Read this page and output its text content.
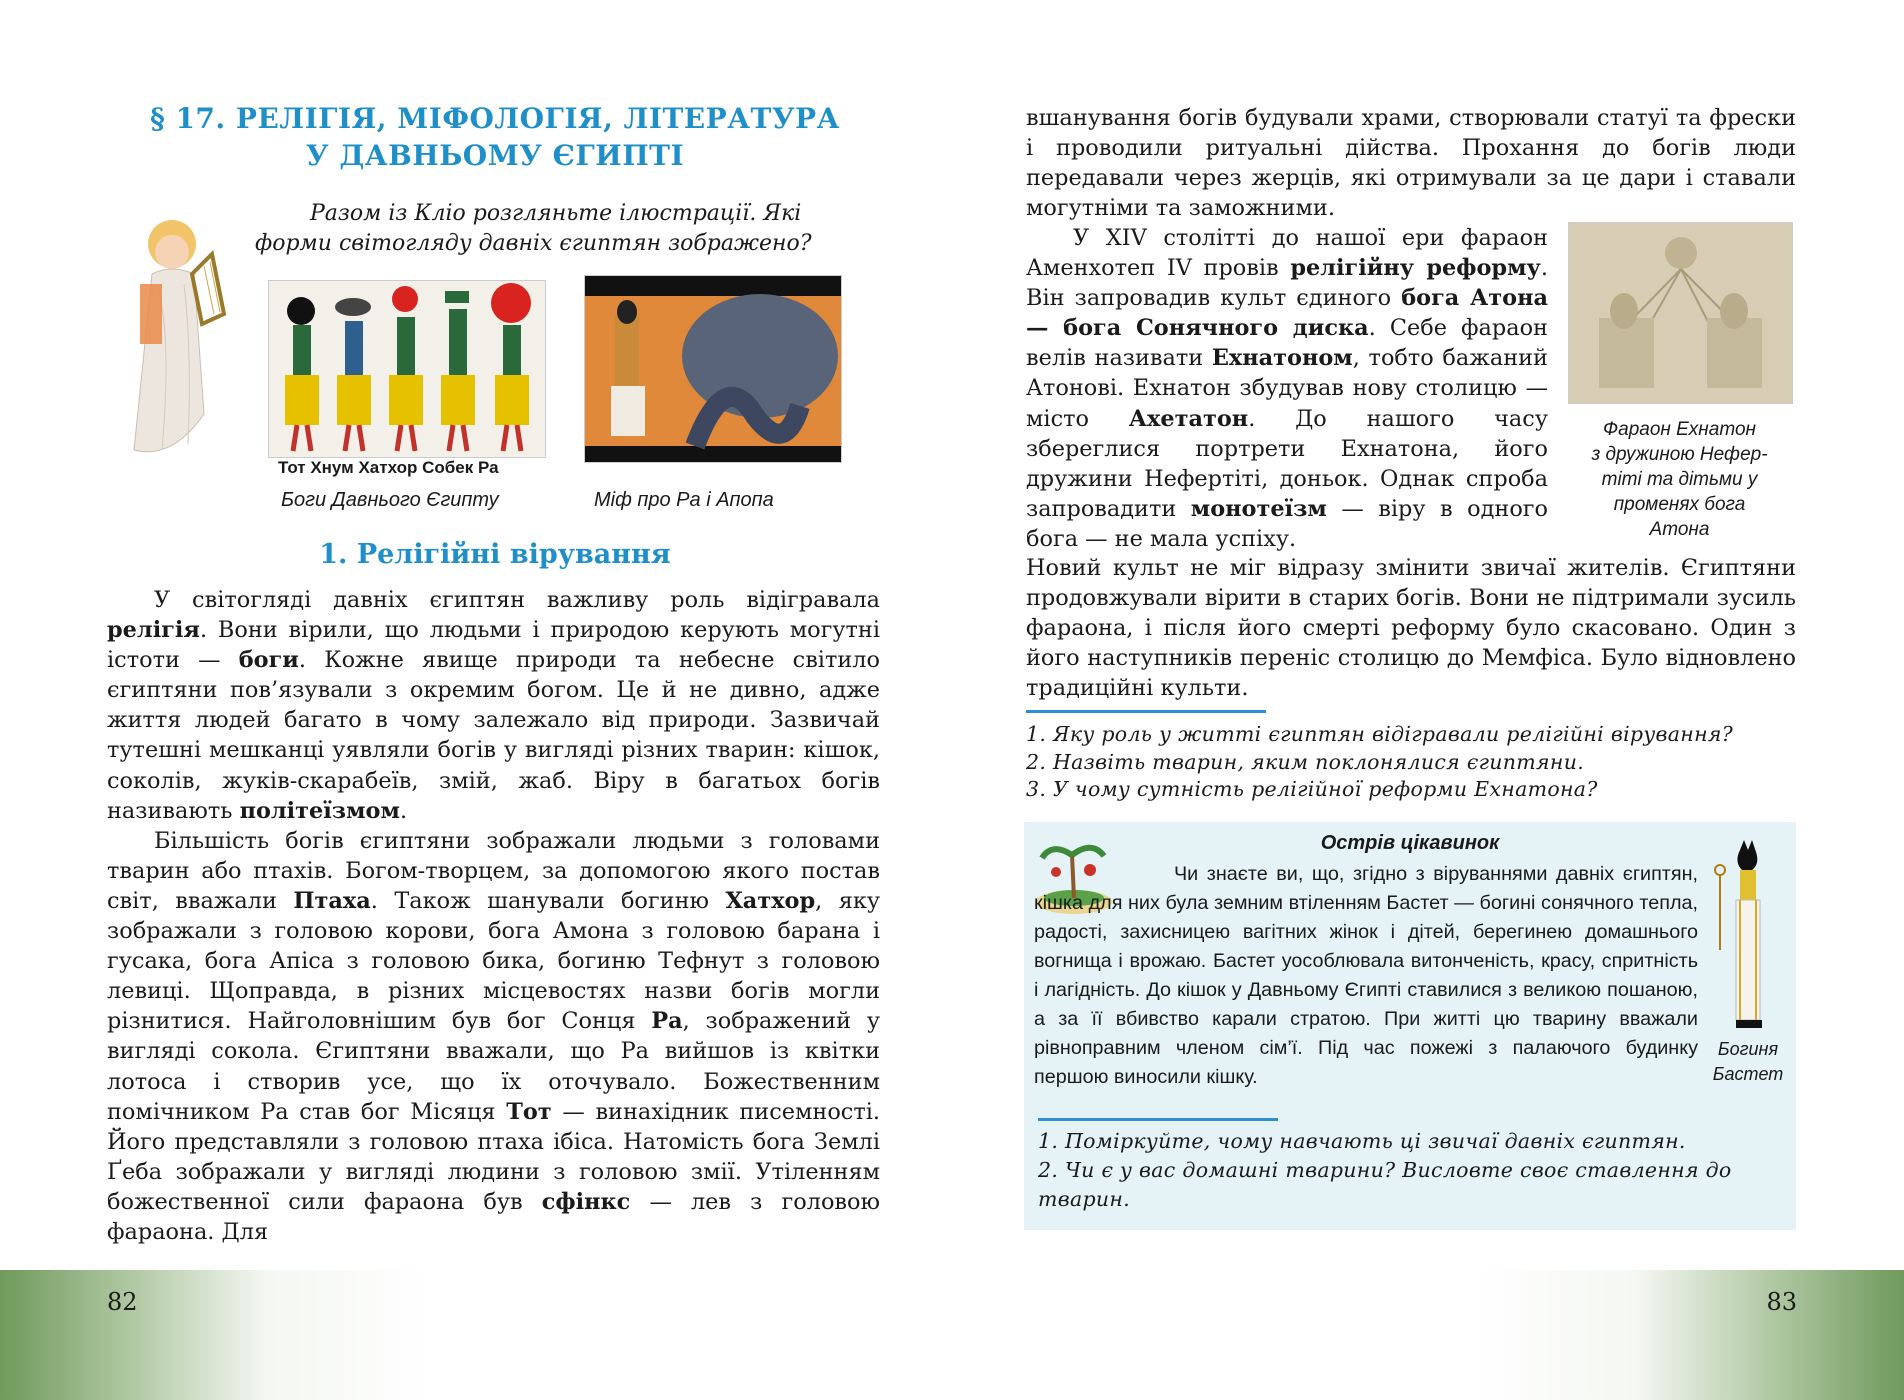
§ 17. РЕЛІГІЯ, МІФОЛОГІЯ, ЛІТЕРАТУРА
У ДАВНЬОМУ ЄГИПТІ
Разом із Кліо розгляньте ілюстрації. Які
форми світогляду давніх єгиптян зображено?
Тот Хнум Хатхор Собек Ра
Боги Давнього Єгипту	Міф про Ра і Апопа
1. Релігійні вірування

У світогляді давніх єгиптян важливу роль відігравала релігія. Вони вірили, що людьми і природою керують могутні істоти — боги. Кожне явище природи та небесне світило єгиптяни пов’язували з окремим богом. Це й не дивно, адже життя людей багато в чому залежало від природи. Зазвичай тутешні мешканці уявляли богів у вигляді різних тварин: кішок, соколів, жуків-скарабеїв, змій, жаб. Віру в багатьох богів називають політеїзмом.

Більшість богів єгиптяни зображали людьми з головами тварин або птахів. Богом-творцем, за допомогою якого постав світ, вважали Птаха. Також шанували богиню Хатхор, яку зображали з головою корови, бога Амона з головою барана і гусака, бога Апіса з головою бика, богиню Тефнут з головою левиці. Щоправда, в різних місцевостях назви богів могли різнитися. Найголовнішим був бог Сонця Ра, зображений у вигляді сокола. Єгиптяни вважали, що Ра вийшов із квітки лотоса і створив усе, що їх оточувало. Божественним помічником Ра став бог Місяця Тот — винахідник писемності. Його представляли з головою птаха ібіса. Натомість бога Землі Ґеба зображали у вигляді людини з головою змії. Утіленням божественної сили фараона був сфінкс — лев з головою фараона. Для

82

вшанування богів будували храми, створювали статуї та фрески і проводили ритуальні дійства. Прохання до богів люди передавали через жерців, які отримували за це дари і ставали могутніми та заможними.

У XIV столітті до нашої ери фараон Аменхотеп IV провів релігійну реформу. Він запровадив культ єдиного бога Атона — бога Сонячного диска. Себе фараон велів називати Ехнатоном, тобто бажаний Атонові. Ехнатон збудував нову столицю — місто Ахетатон. До нашого часу збереглися портрети Ехнатона, його дружини Нефертіті, доньок. Однак спроба запровадити монотеїзм — віру в одного бога — не мала успіху.

Фараон Ехнатон
з дружиною Нефер-
тіті та дітьми у
променях бога
Атона

Новий культ не міг відразу змінити звичаї жителів. Єгиптяни продовжували вірити в старих богів. Вони не підтримали зусиль фараона, і після його смерті реформу було скасовано. Один з його наступників переніс столицю до Мемфіса. Було відновлено традиційні культи.

1. Яку роль у житті єгиптян відігравали релігійні вірування?
2. Назвіть тварин, яким поклонялися єгиптяни.
3. У чому сутність релігійної реформи Ехнатона?
Острів цікавинок
Чи знаєте ви, що, згідно з віруваннями давніх єгиптян, кішка для них була земним втіленням Бастет — богині сонячного тепла, радості, захисницею вагітних жінок і дітей, берегинею домашнього вогнища і врожаю. Бастет уособлювала витонченість, красу, спритність і лагідність. До кішок у Давньому Єгипті ставилися з великою пошаною, а за її вбивство карали стратою. При житті цю тварину вважали рівноправним членом сім’ї. Під час пожежі з палаючого будинку першою виносили кішку.
Богиня
Бастет
1. Поміркуйте, чому навчають ці звичаї давніх єгиптян.
2. Чи є у вас домашні тварини? Висловте своє ставлення до тварин.
83
